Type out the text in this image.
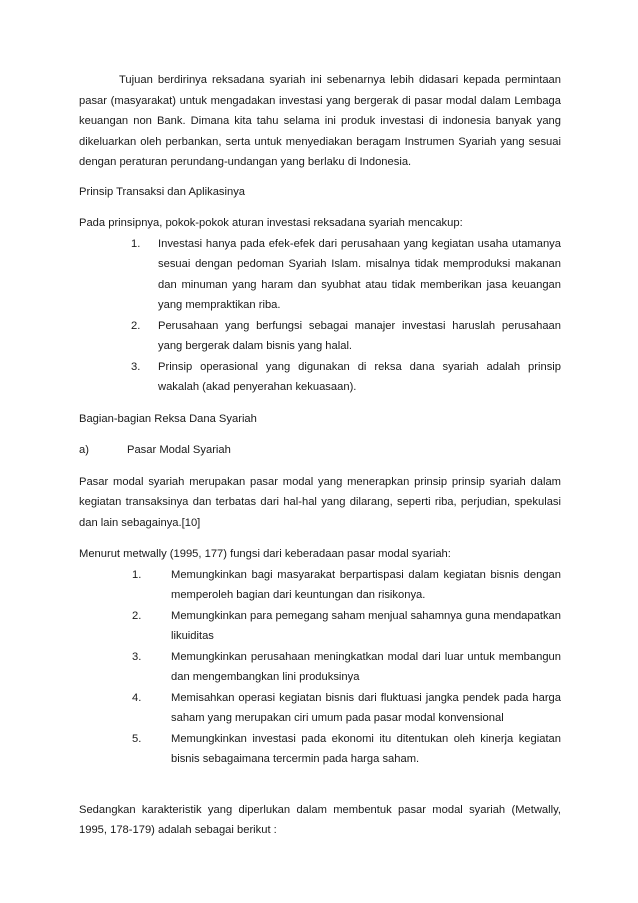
Tujuan berdirinya reksadana syariah ini sebenarnya lebih didasari kepada permintaan pasar (masyarakat) untuk mengadakan investasi yang bergerak di pasar modal dalam Lembaga keuangan non Bank. Dimana kita tahu selama ini produk investasi di indonesia banyak yang dikeluarkan oleh perbankan, serta untuk menyediakan beragam Instrumen Syariah yang sesuai dengan peraturan perundang-undangan yang berlaku di Indonesia.

Prinsip Transaksi dan Aplikasinya

Pada prinsipnya, pokok-pokok aturan investasi reksadana syariah mencakup:

1. Investasi hanya pada efek-efek dari perusahaan yang kegiatan usaha utamanya sesuai dengan pedoman Syariah Islam. misalnya tidak memproduksi makanan dan minuman yang haram dan syubhat atau tidak memberikan jasa keuangan yang mempraktikan riba.
2. Perusahaan yang berfungsi sebagai manajer investasi haruslah perusahaan yang bergerak dalam bisnis yang halal.
3. Prinsip operasional yang digunakan di reksa dana syariah adalah prinsip wakalah (akad penyerahan kekuasaan).

Bagian-bagian Reksa Dana Syariah

a)	Pasar Modal Syariah

Pasar modal syariah merupakan pasar modal yang menerapkan prinsip prinsip syariah dalam kegiatan transaksinya dan terbatas dari hal-hal yang dilarang, seperti riba, perjudian, spekulasi dan lain sebagainya.[10]

Menurut metwally (1995, 177) fungsi dari keberadaan pasar modal syariah:

1.	Memungkinkan bagi masyarakat berpartispasi dalam kegiatan bisnis dengan memperoleh bagian dari keuntungan dan risikonya.
2.	Memungkinkan para pemegang saham menjual sahamnya guna mendapatkan likuiditas
3.	Memungkinkan perusahaan meningkatkan modal dari luar untuk membangun dan mengembangkan lini produksinya
4.	Memisahkan operasi kegiatan bisnis dari fluktuasi jangka pendek pada harga saham yang merupakan ciri umum pada pasar modal konvensional
5.	Memungkinkan investasi pada ekonomi itu ditentukan oleh kinerja kegiatan bisnis sebagaimana tercermin pada harga saham.

Sedangkan karakteristik yang diperlukan dalam membentuk pasar modal syariah (Metwally, 1995, 178-179) adalah sebagai berikut :
